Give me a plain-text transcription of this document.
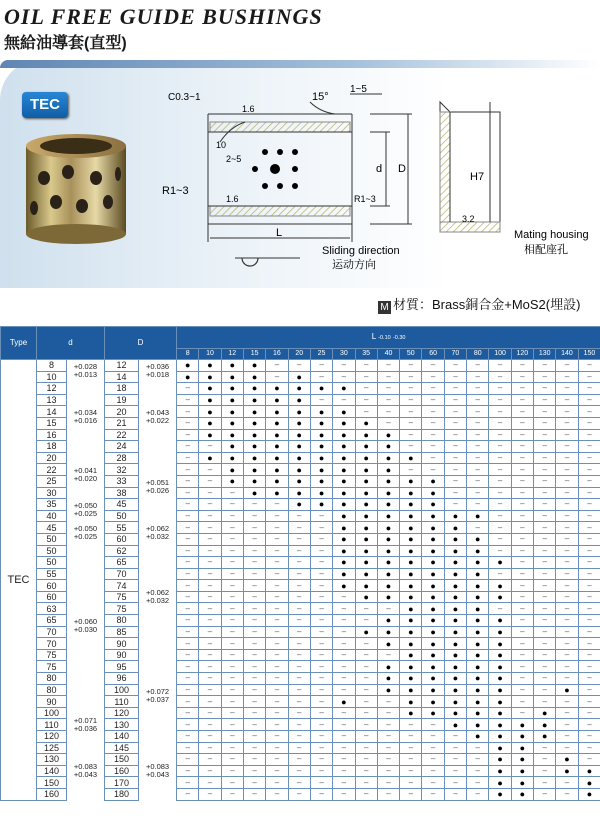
OIL FREE GUIDE BUSHINGS
無給油導套(直型)
TEC	C0.3~1
1.6
1.6
3.2
15°
1~5
10
2~5
R1~3
R1~3
d D
L
H7
Sliding direction
运动方向
Mating housing
相配座孔
M 材質：Brass銅合金+MoS2(埋設)
Type	d		D		L -0.10 -0.30																		
					8	10	12	15	16	20	25	30	35	40	50	60	70	80	100	120	130	140	150
TEC	8	+0.028 +0.013	12	+0.036 +0.018	●	●	●	●	–	–	–	–	–	–	–	–	–	–	–	–	–	–	–
	10		14		●	●	●	●	–	●	–	–	–	–	–	–	–	–	–	–	–	–	–
	12	+0.034 +0.016	18	+0.043 +0.022	–	●	●	●	●	●	●	●	–	–	–	–	–	–	–	–	–	–	–
	13		19		–	●	●	●	●	●	–	–	–	–	–	–	–	–	–	–	–	–	–
	14		20		–	●	●	●	●	●	●	●	–	–	–	–	–	–	–	–	–	–	–
	15		21		–	●	●	●	●	●	●	●	●	–	–	–	–	–	–	–	–	–	–
	16		22		–	●	●	●	●	●	●	●	●	●	–	–	–	–	–	–	–	–	–
	18		24		–	–	●	●	●	●	●	●	●	●	–	–	–	–	–	–	–	–	–
	20	+0.041 +0.020	28	+0.051 +0.026	–	●	●	●	●	●	●	●	●	●	●	–	–	–	–	–	–	–	–
	22		32		–	–	●	●	●	●	●	●	●	●	–	–	–	–	–	–	–	–	–
	25		33		–	–	●	●	●	●	●	●	●	●	●	●	–	–	–	–	–	–	–
	30		38		–	–	–	●	●	●	●	●	●	●	●	●	–	–	–	–	–	–	–
	35	+0.050 +0.025	45		–	–	–	–	–	●	●	●	●	●	●	●	–	–	–	–	–	–	–
	40		50		–	–	–	–	–	–	–	●	●	●	●	●	●	●	–	–	–	–	–
	45	+0.050 +0.025	55	+0.062 +0.032	–	–	–	–	–	–	–	●	●	●	●	●	●	–	–	–	–	–	–
	50		60		–	–	–	–	–	–	–	●	●	●	●	●	●	●	–	–	–	–	–
	50	+0.060 +0.030	62	+0.062 +0.032	–	–	–	–	–	–	–	●	●	●	●	●	●	●	–	–	–	–	–
	50		65		–	–	–	–	–	–	–	●	●	●	●	●	●	●	●	–	–	–	–
	55		70		–	–	–	–	–	–	–	●	●	●	●	●	●	●	–	–	–	–	–
	60		74		–	–	–	–	–	–	–	●	●	●	●	●	●	●	●	–	–	–	–
	60		75		–	–	–	–	–	–	–	–	●	●	●	●	●	●	●	–	–	–	–
	63		75		–	–	–	–	–	–	–	–	–	–	●	●	●	●	–	–	–	–	–
	65		80		–	–	–	–	–	–	–	–	–	●	●	●	●	●	●	–	–	–	–
	70		85		–	–	–	–	–	–	–	–	●	●	●	●	●	●	●	–	–	–	–
	70		90		–	–	–	–	–	–	–	–	–	●	●	●	●	●	●	–	–	–	–
	75		90	+0.072 +0.037	–	–	–	–	–	–	–	–	–	–	●	●	●	●	●	–	–	–	–
	75		95		–	–	–	–	–	–	–	–	–	●	●	●	●	●	●	–	–	–	–
	80		96		–	–	–	–	–	–	–	–	–	●	●	●	●	●	●	–	–	–	–
	80		100		–	–	–	–	–	–	–	–	–	●	●	●	●	●	●	–	–	●	–
	90		110		–	–	–	–	–	–	–	●	–	–	●	●	●	●	●	–	–	–	–
	100	+0.071 +0.036	120		–	–	–	–	–	–	–	–	–	–	●	●	●	●	●	–	●	–	–
	110		130		–	–	–	–	–	–	–	–	–	–	–	–	●	●	●	●	●	–	–
	120		140		–	–	–	–	–	–	–	–	–	–	–	–	–	●	●	●	●	–	–
	125	+0.083 +0.043	145	+0.083 +0.043	–	–	–	–	–	–	–	–	–	–	–	–	–	–	●	●	–	–	–
	130		150		–	–	–	–	–	–	–	–	–	–	–	–	–	–	●	●	–	●	–
	140		160		–	–	–	–	–	–	–	–	–	–	–	–	–	–	●	●	–	●	●
	150		170		–	–	–	–	–	–	–	–	–	–	–	–	–	–	●	●	–	–	●
	160		180		–	–	–	–	–	–	–	–	–	–	–	–	–	–	●	●	–	–	●
